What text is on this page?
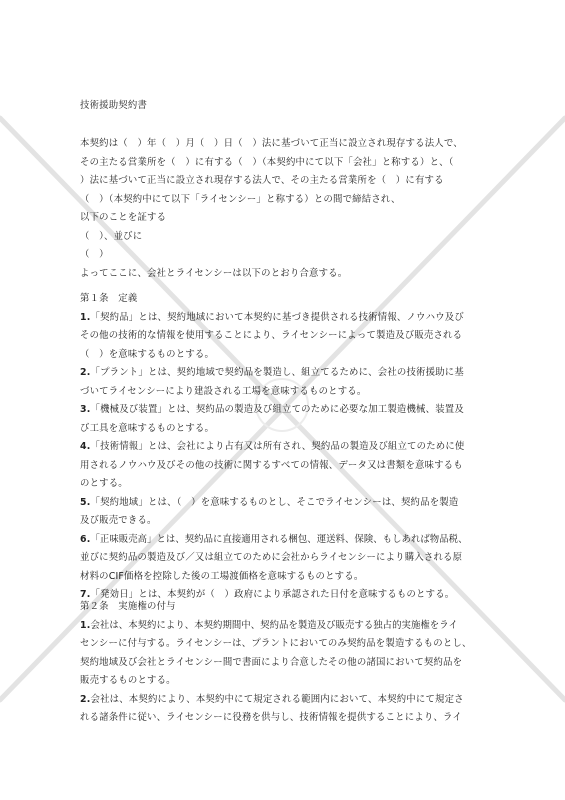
技術援助契約書
本契約は（　）年（　）月（　）日（　）法に基づいて正当に設立され現存する法人で、
その主たる営業所を（　）に有する（　）（本契約中にて以下「会社」と称する）と、（
）法に基づいて正当に設立され現存する法人で、その主たる営業所を（　）に有する
（　）（本契約中にて以下「ライセンシー」と称する）との間で締結され、
以下のことを証する
（　）、並びに
（　）
よってここに、会社とライセンシーは以下のとおり合意する。
第１条　定義
1.「契約品」とは、契約地域において本契約に基づき提供される技術情報、ノウハウ及び
その他の技術的な情報を使用することにより、ライセンシーによって製造及び販売される
（　）を意味するものとする。
2.「プラント」とは、契約地域で契約品を製造し、組立てるために、会社の技術援助に基
づいてライセンシーにより建設される工場を意味するものとする。
3.「機械及び装置」とは、契約品の製造及び組立てのために必要な加工製造機械、装置及
び工具を意味するものとする。
4.「技術情報」とは、会社により占有又は所有され、契約品の製造及び組立てのために使
用されるノウハウ及びその他の技術に関するすべての情報、データ又は書類を意味するも
のとする。
5.「契約地域」とは、（　）を意味するものとし、そこでライセンシーは、契約品を製造
及び販売できる。
6.「正味販売高」とは、契約品に直接適用される梱包、運送料、保険、もしあれば物品税、
並びに契約品の製造及び／又は組立てのために会社からライセンシーにより購入される原
材料のCIF価格を控除した後の工場渡価格を意味するものとする。
7.「発効日」とは、本契約が（　）政府により承認された日付を意味するものとする。
第２条　実施権の付与
1.会社は、本契約により、本契約期間中、契約品を製造及び販売する独占的実施権をライ
センシーに付与する。ライセンシーは、プラントにおいてのみ契約品を製造するものとし、
契約地域及び会社とライセンシー間で書面により合意したその他の諸国において契約品を
販売するものとする。
2.会社は、本契約により、本契約中にて規定される範囲内において、本契約中にて規定さ
れる諸条件に従い、ライセンシーに役務を供与し、技術情報を提供することにより、ライ
